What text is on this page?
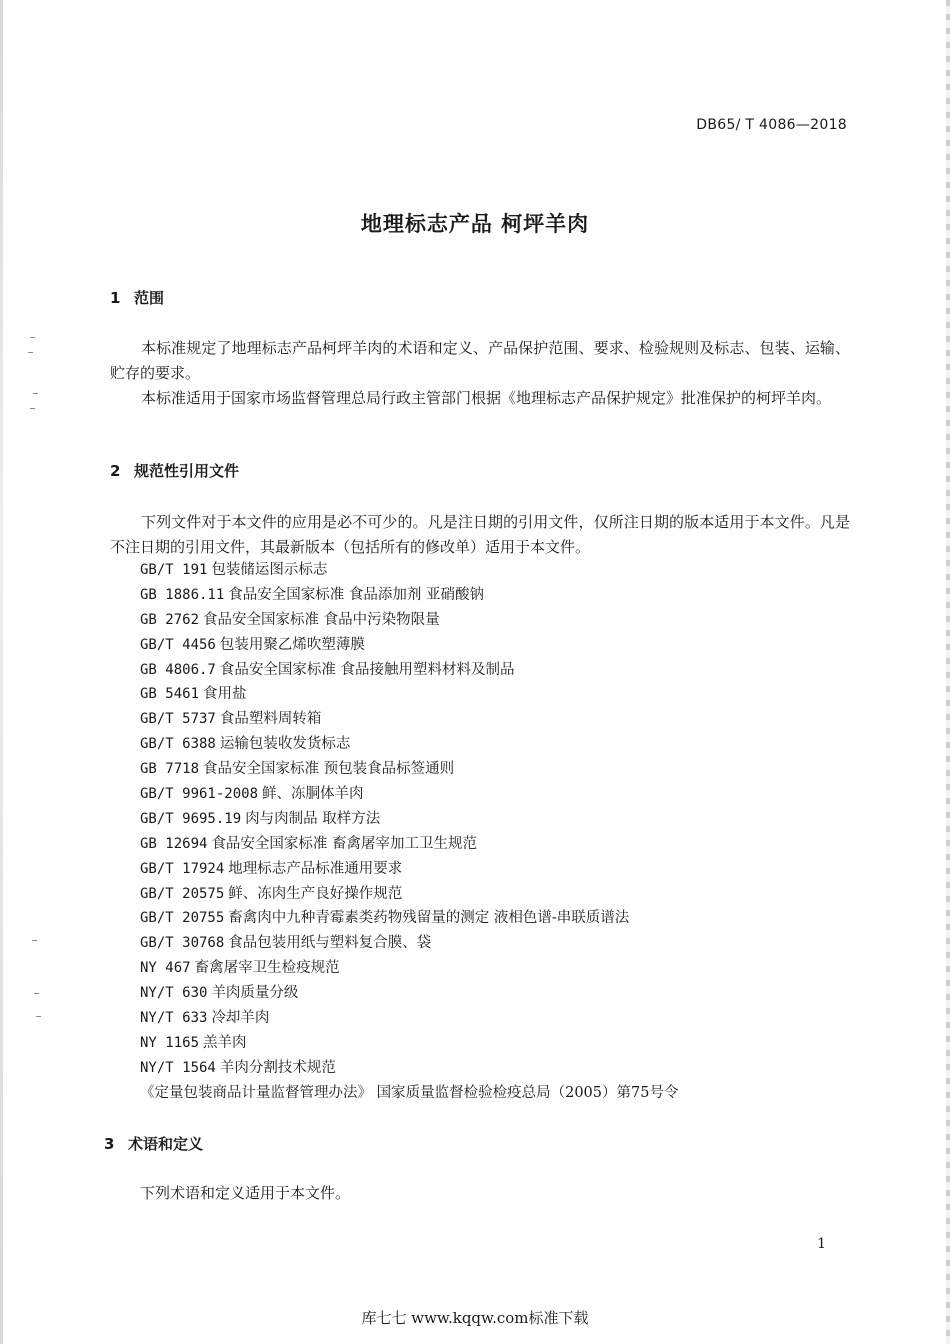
DB65/ T 4086—2018
地理标志产品 柯坪羊肉
1 范围
本标准规定了地理标志产品柯坪羊肉的术语和定义、产品保护范围、要求、检验规则及标志、包装、运输、贮存的要求。
本标准适用于国家市场监督管理总局行政主管部门根据《地理标志产品保护规定》批准保护的柯坪羊肉。
2 规范性引用文件
下列文件对于本文件的应用是必不可少的。凡是注日期的引用文件，仅所注日期的版本适用于本文件。凡是不注日期的引用文件，其最新版本（包括所有的修改单）适用于本文件。
GB/T 191 包装储运图示标志
GB 1886.11 食品安全国家标准 食品添加剂 亚硝酸钠
GB 2762 食品安全国家标准 食品中污染物限量
GB/T 4456 包装用聚乙烯吹塑薄膜
GB 4806.7 食品安全国家标准 食品接触用塑料材料及制品
GB 5461 食用盐
GB/T 5737 食品塑料周转箱
GB/T 6388 运输包装收发货标志
GB 7718 食品安全国家标准 预包装食品标签通则
GB/T 9961-2008 鲜、冻胴体羊肉
GB/T 9695.19 肉与肉制品 取样方法
GB 12694 食品安全国家标准 畜禽屠宰加工卫生规范
GB/T 17924 地理标志产品标准通用要求
GB/T 20575 鲜、冻肉生产良好操作规范
GB/T 20755 畜禽肉中九种青霉素类药物残留量的测定 液相色谱-串联质谱法
GB/T 30768 食品包装用纸与塑料复合膜、袋
NY 467 畜禽屠宰卫生检疫规范
NY/T 630 羊肉质量分级
NY/T 633 冷却羊肉
NY 1165 羔羊肉
NY/T 1564 羊肉分割技术规范
《定量包装商品计量监督管理办法》 国家质量监督检验检疫总局（2005）第75号令
3 术语和定义
下列术语和定义适用于本文件。
1
库七七 www.kqqw.com标准下载
